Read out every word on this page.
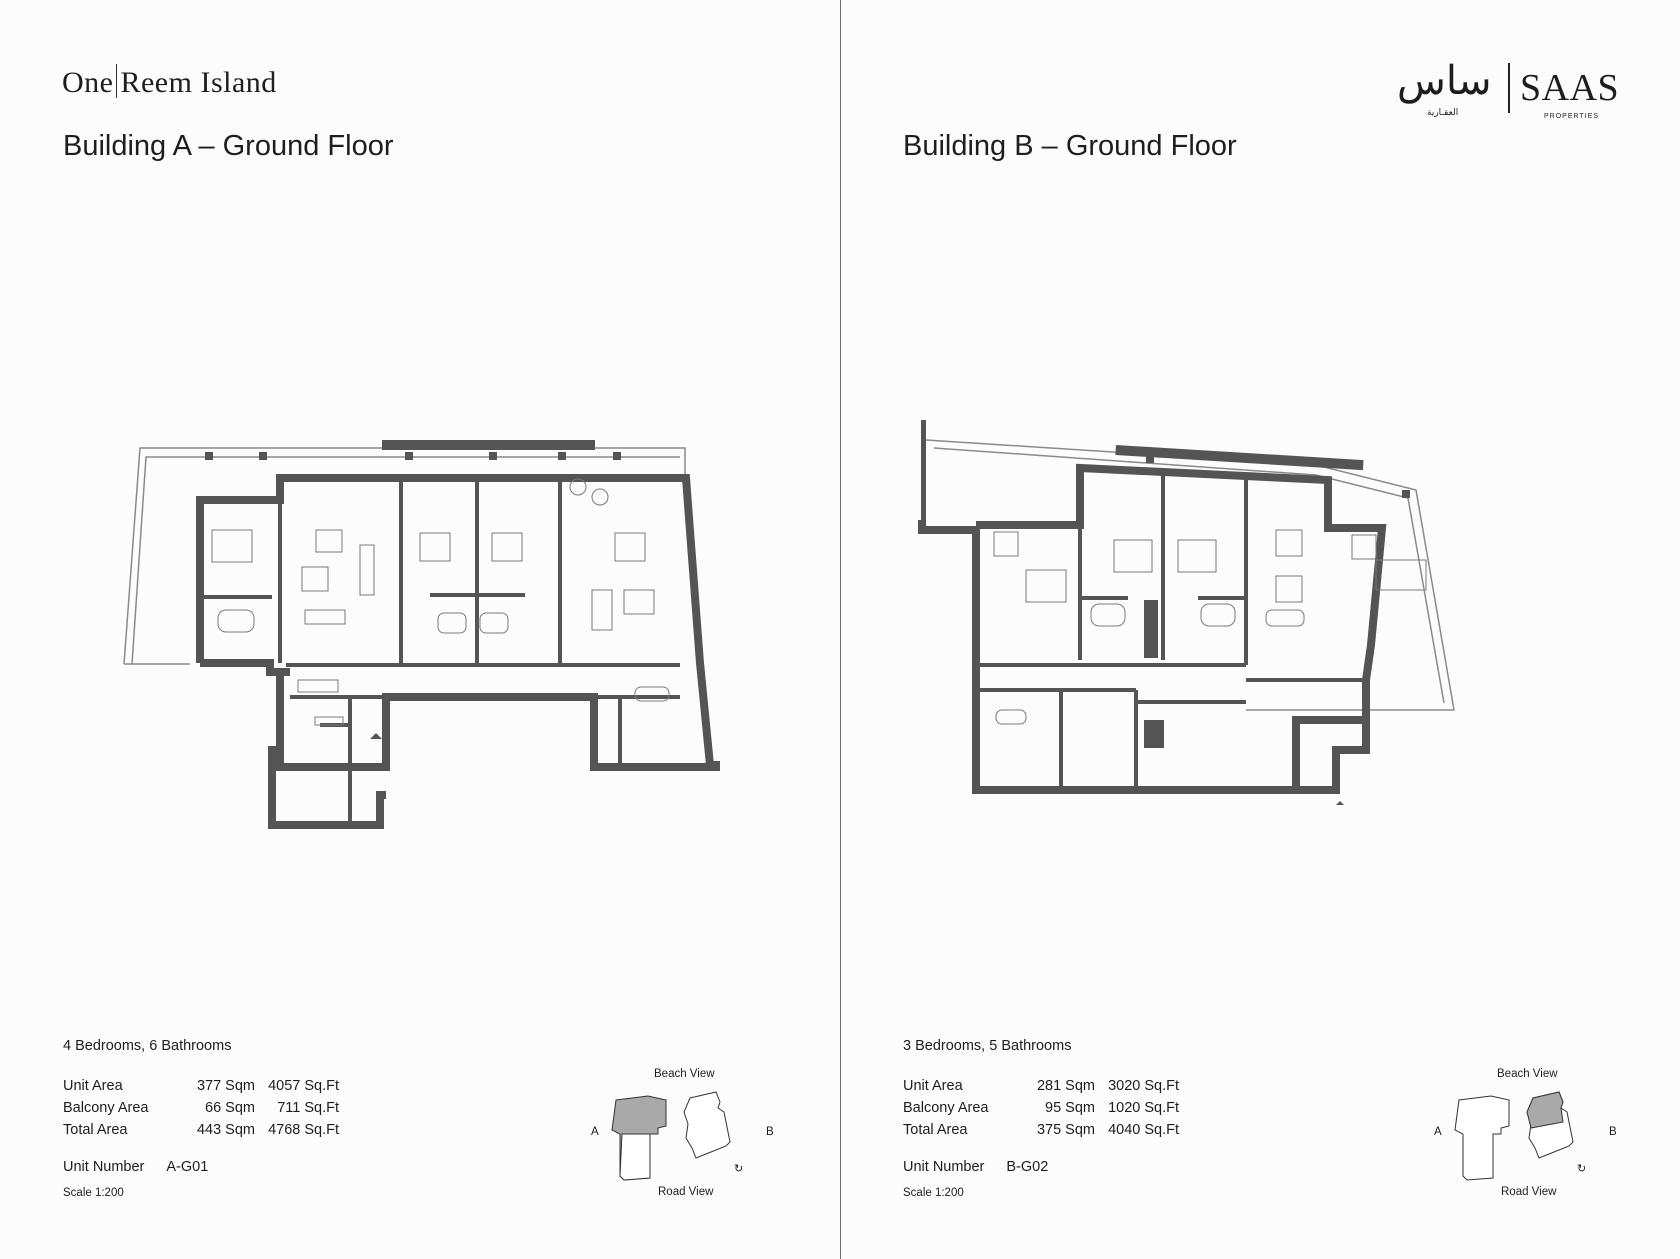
One Reem Island
Building A – Ground Floor
4 Bedrooms, 6 Bathrooms
Unit Area	377 Sqm 4057 Sq.Ft
Balcony Area	66 Sqm	711 Sq.Ft
Total Area	443 Sqm 4768 Sq.Ft
Unit Number A-G01
Scale 1:200
↻
Beach View
Road View
A	B
Building B – Ground Floor
3 Bedrooms, 5 Bathrooms
Unit Area	281 Sqm 3020 Sq.Ft
Balcony Area	95 Sqm 1020 Sq.Ft
Total Area	375 Sqm 4040 Sq.Ft
Unit Number B-G02
Scale 1:200
↻
Beach View
Road View
A	B
ساس
العقـارية
SAAS
PROPERTIES
